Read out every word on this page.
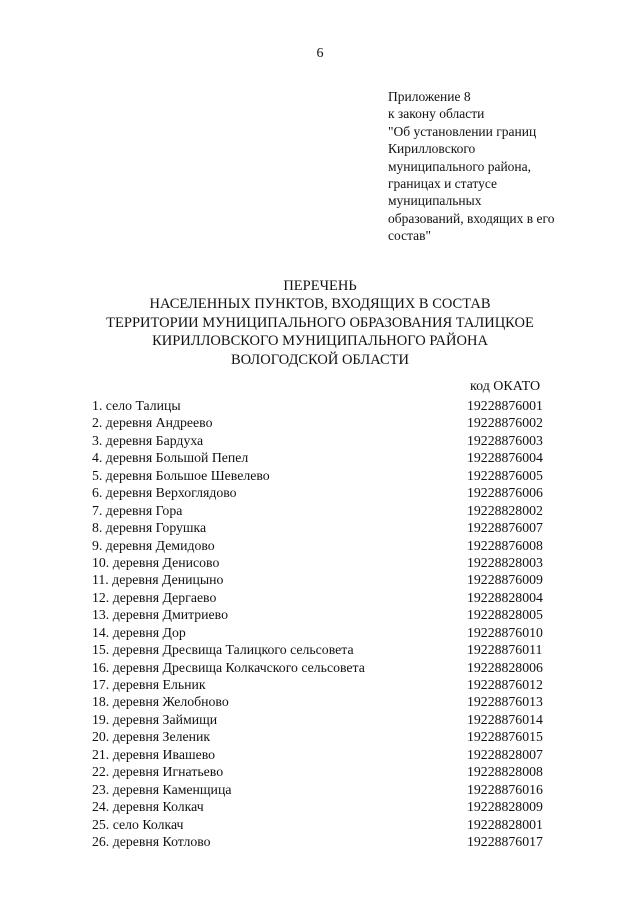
6
Приложение 8
к закону области
"Об установлении границ
Кирилловского
муниципального района,
границах и статусе
муниципальных
образований, входящих в его
состав"
ПЕРЕЧЕНЬ
НАСЕЛЕННЫХ ПУНКТОВ, ВХОДЯЩИХ В СОСТАВ
ТЕРРИТОРИИ МУНИЦИПАЛЬНОГО ОБРАЗОВАНИЯ ТАЛИЦКОЕ
КИРИЛЛОВСКОГО МУНИЦИПАЛЬНОГО РАЙОНА
ВОЛОГОДСКОЙ ОБЛАСТИ
код ОКАТО
1. село Талицы	19228876001
2. деревня Андреево	19228876002
3. деревня Бардуха	19228876003
4. деревня Большой Пепел	19228876004
5. деревня Большое Шевелево	19228876005
6. деревня Верхоглядово	19228876006
7. деревня Гора	19228828002
8. деревня Горушка	19228876007
9. деревня Демидово	19228876008
10. деревня Денисово	19228828003
11. деревня Деницыно	19228876009
12. деревня Дергаево	19228828004
13. деревня Дмитриево	19228828005
14. деревня Дор	19228876010
15. деревня Дресвища Талицкого сельсовета	19228876011
16. деревня Дресвища Колкачского сельсовета	19228828006
17. деревня Ельник	19228876012
18. деревня Желобново	19228876013
19. деревня Займищи	19228876014
20. деревня Зеленик	19228876015
21. деревня Ивашево	19228828007
22. деревня Игнатьево	19228828008
23. деревня Каменщица	19228876016
24. деревня Колкач	19228828009
25. село Колкач	19228828001
26. деревня Котлово	19228876017
